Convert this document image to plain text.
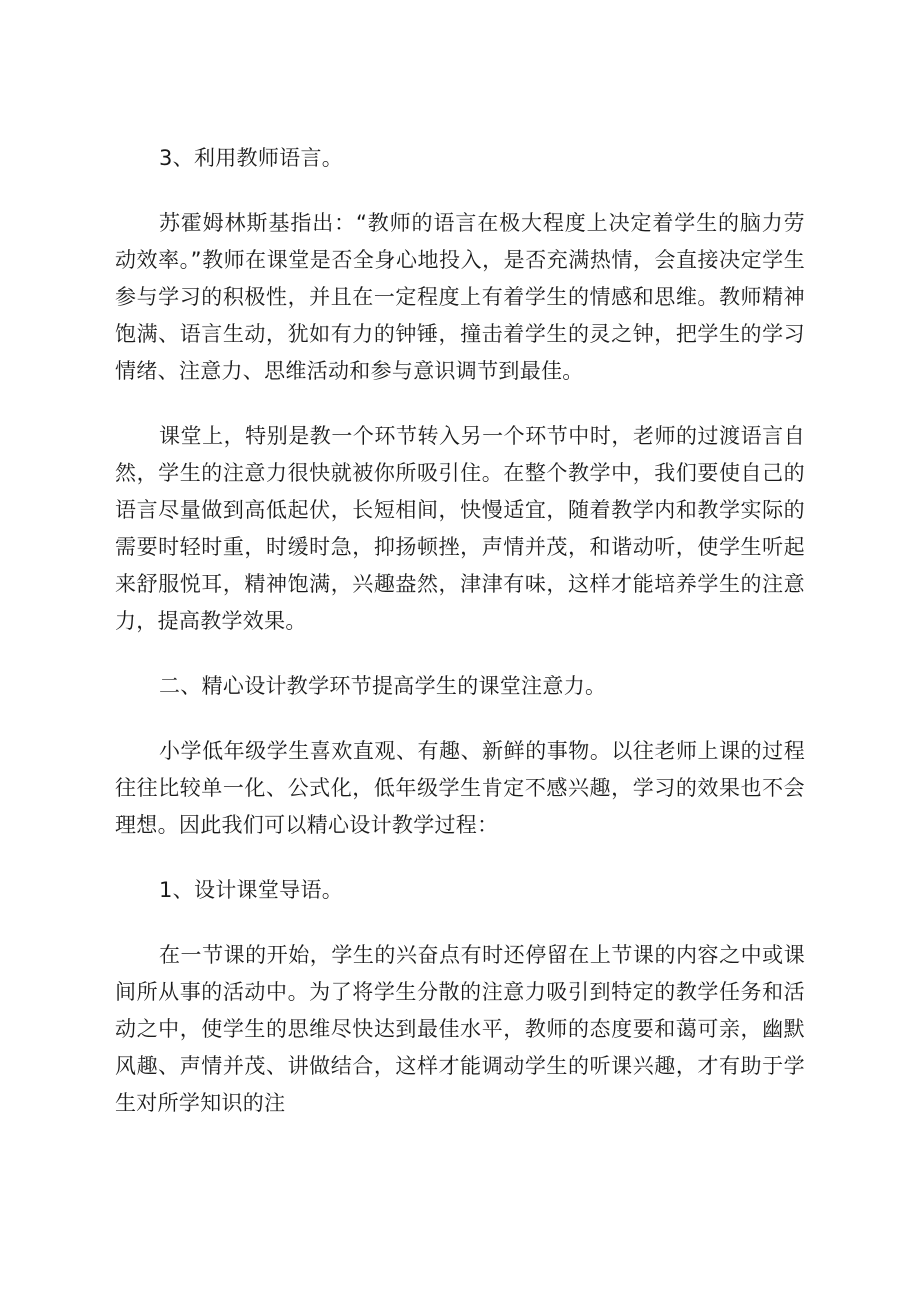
3、利用教师语言。

苏霍姆林斯基指出：“教师的语言在极大程度上决定着学生的脑力劳动效率。”教师在课堂是否全身心地投入，是否充满热情，会直接决定学生参与学习的积极性，并且在一定程度上有着学生的情感和思维。教师精神饱满、语言生动，犹如有力的钟锤，撞击着学生的灵之钟，把学生的学习情绪、注意力、思维活动和参与意识调节到最佳。

课堂上，特别是教一个环节转入另一个环节中时，老师的过渡语言自然，学生的注意力很快就被你所吸引住。在整个教学中，我们要使自己的语言尽量做到高低起伏，长短相间，快慢适宜，随着教学内和教学实际的需要时轻时重，时缓时急，抑扬顿挫，声情并茂，和谐动听，使学生听起来舒服悦耳，精神饱满，兴趣盎然，津津有味，这样才能培养学生的注意力，提高教学效果。

二、精心设计教学环节提高学生的课堂注意力。

小学低年级学生喜欢直观、有趣、新鲜的事物。以往老师上课的过程往往比较单一化、公式化，低年级学生肯定不感兴趣，学习的效果也不会理想。因此我们可以精心设计教学过程：

1、设计课堂导语。

在一节课的开始，学生的兴奋点有时还停留在上节课的内容之中或课间所从事的活动中。为了将学生分散的注意力吸引到特定的教学任务和活动之中，使学生的思维尽快达到最佳水平，教师的态度要和蔼可亲，幽默风趣、声情并茂、讲做结合，这样才能调动学生的听课兴趣，才有助于学生对所学知识的注
